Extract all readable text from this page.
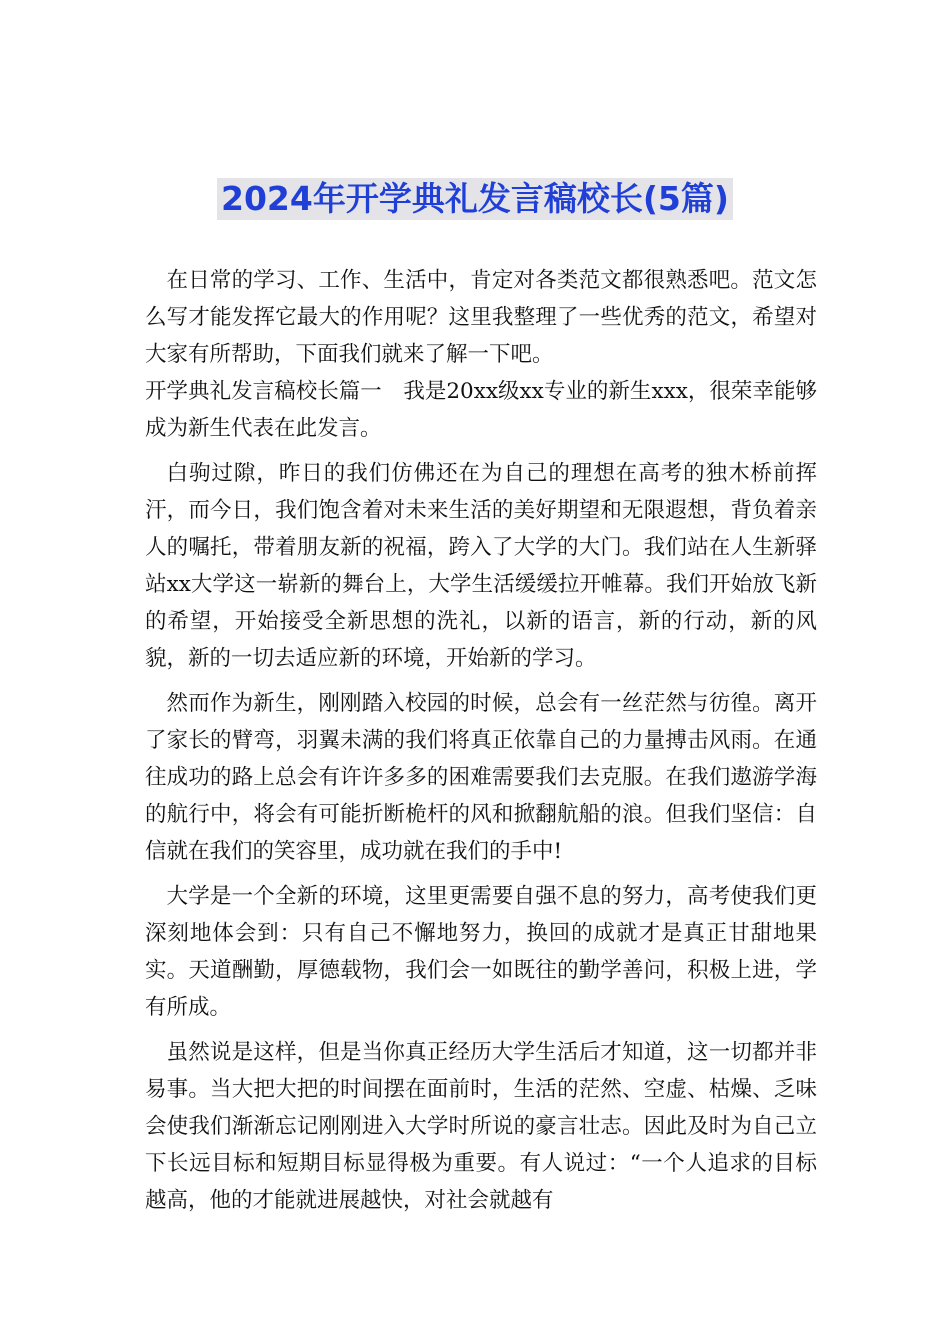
2024年开学典礼发言稿校长(5篇)

在日常的学习、工作、生活中，肯定对各类范文都很熟悉吧。范文怎么写才能发挥它最大的作用呢？这里我整理了一些优秀的范文，希望对大家有所帮助，下面我们就来了解一下吧。

开学典礼发言稿校长篇一　我是20xx级xx专业的新生xxx，很荣幸能够成为新生代表在此发言。

白驹过隙，昨日的我们仿佛还在为自己的理想在高考的独木桥前挥汗，而今日，我们饱含着对未来生活的美好期望和无限遐想，背负着亲人的嘱托，带着朋友新的祝福，跨入了大学的大门。我们站在人生新驿站xx大学这一崭新的舞台上，大学生活缓缓拉开帷幕。我们开始放飞新的希望，开始接受全新思想的洗礼，以新的语言，新的行动，新的风貌，新的一切去适应新的环境，开始新的学习。

然而作为新生，刚刚踏入校园的时候，总会有一丝茫然与彷徨。离开了家长的臂弯，羽翼未满的我们将真正依靠自己的力量搏击风雨。在通往成功的路上总会有许许多多的困难需要我们去克服。在我们遨游学海的航行中，将会有可能折断桅杆的风和掀翻航船的浪。但我们坚信：自信就在我们的笑容里，成功就在我们的手中!

大学是一个全新的环境，这里更需要自强不息的努力，高考使我们更深刻地体会到：只有自己不懈地努力，换回的成就才是真正甘甜地果实。天道酬勤，厚德载物，我们会一如既往的勤学善问，积极上进，学有所成。

虽然说是这样，但是当你真正经历大学生活后才知道，这一切都并非易事。当大把大把的时间摆在面前时，生活的茫然、空虚、枯燥、乏味会使我们渐渐忘记刚刚进入大学时所说的豪言壮志。因此及时为自己立下长远目标和短期目标显得极为重要。有人说过：“一个人追求的目标越高，他的才能就进展越快，对社会就越有
